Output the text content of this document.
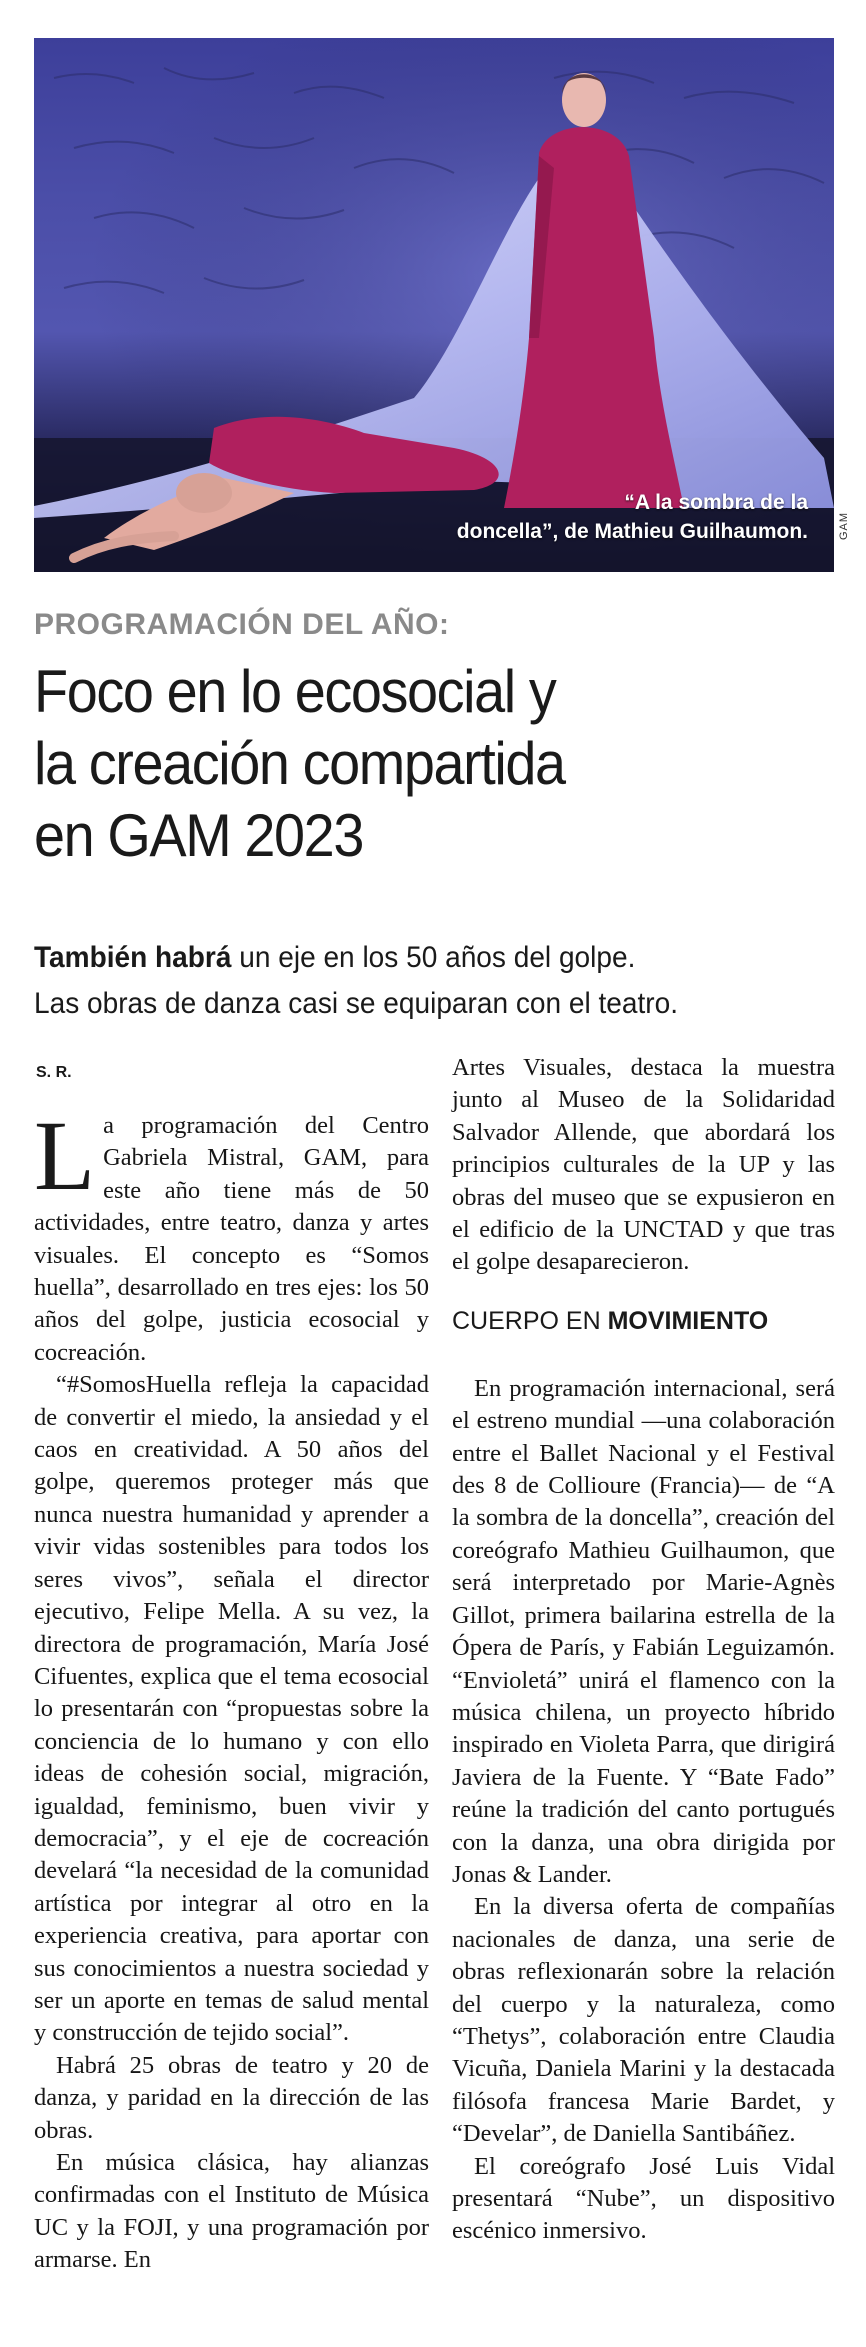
“A la sombra de la
doncella”, de Mathieu Guilhaumon.	GAM
PROGRAMACIÓN DEL AÑO:
Foco en lo ecosocial y
la creación compartida
en GAM 2023
También habrá un eje en los 50 años del golpe.
Las obras de danza casi se equiparan con el teatro.
S. R.

La programación del Centro Gabriela Mistral, GAM, para este año tiene más de 50 actividades, entre teatro, danza y artes visuales. El concepto es “Somos huella”, desarrollado en tres ejes: los 50 años del golpe, justicia ecosocial y cocreación.

“#SomosHuella refleja la capacidad de convertir el miedo, la ansiedad y el caos en creatividad. A 50 años del golpe, queremos proteger más que nunca nuestra humanidad y aprender a vivir vidas sostenibles para todos los seres vivos”, señala el director ejecutivo, Felipe Mella. A su vez, la directora de programación, María José Cifuentes, explica que el tema ecosocial lo presentarán con “propuestas sobre la conciencia de lo humano y con ello ideas de cohesión social, migración, igualdad, feminismo, buen vivir y democracia”, y el eje de cocreación develará “la necesidad de la comunidad artística por integrar al otro en la experiencia creativa, para aportar con sus conocimientos a nuestra sociedad y ser un aporte en temas de salud mental y construcción de tejido social”.

Habrá 25 obras de teatro y 20 de danza, y paridad en la dirección de las obras.

En música clásica, hay alianzas confirmadas con el Instituto de Música UC y la FOJI, y una programación por armarse. En

Artes Visuales, destaca la muestra junto al Museo de la Solidaridad Salvador Allende, que abordará los principios culturales de la UP y las obras del museo que se expusieron en el edificio de la UNCTAD y que tras el golpe desaparecieron.

CUERPO EN MOVIMIENTO

En programación internacional, será el estreno mundial —una colaboración entre el Ballet Nacional y el Festival des 8 de Collioure (Francia)— de “A la sombra de la doncella”, creación del coreógrafo Mathieu Guilhaumon, que será interpretado por Marie-Agnès Gillot, primera bailarina estrella de la Ópera de París, y Fabián Leguizamón. “Envioletá” unirá el flamenco con la música chilena, un proyecto híbrido inspirado en Violeta Parra, que dirigirá Javiera de la Fuente. Y “Bate Fado” reúne la tradición del canto portugués con la danza, una obra dirigida por Jonas & Lander.

En la diversa oferta de compañías nacionales de danza, una serie de obras reflexionarán sobre la relación del cuerpo y la naturaleza, como “Thetys”, colaboración entre Claudia Vicuña, Daniela Marini y la destacada filósofa francesa Marie Bardet, y “Develar”, de Daniella Santibáñez.

El coreógrafo José Luis Vidal presentará “Nube”, un dispositivo escénico inmersivo.
